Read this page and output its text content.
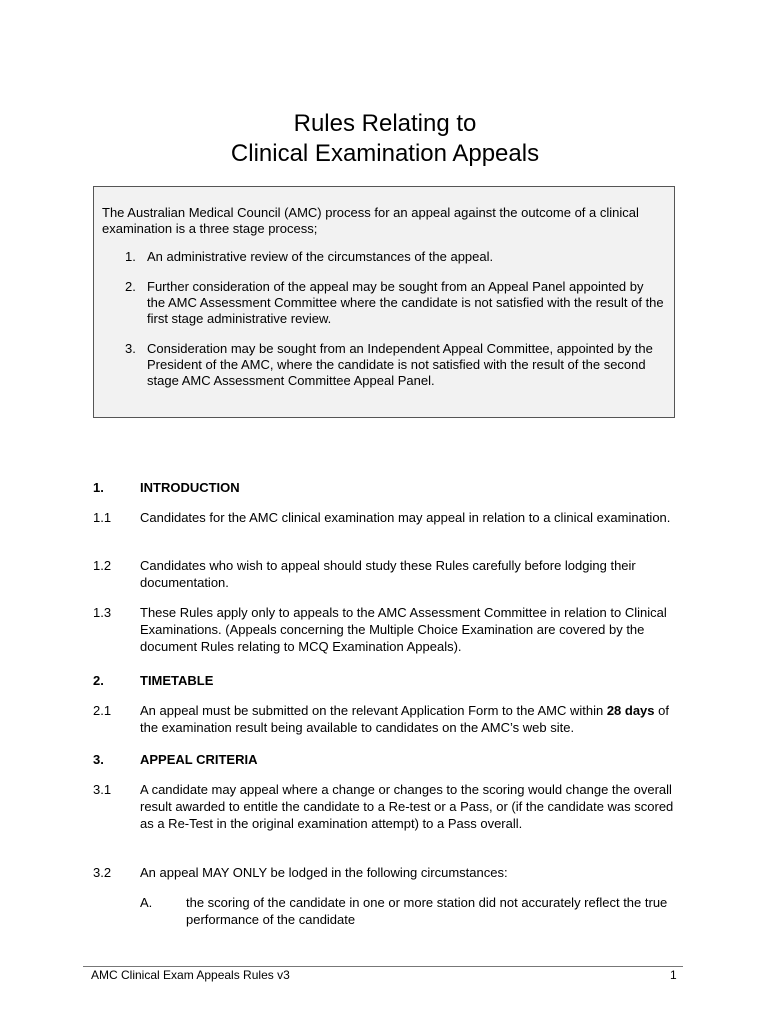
Rules Relating to
Clinical Examination Appeals
The Australian Medical Council (AMC) process for an appeal against the outcome of a clinical examination is a three stage process;
1. An administrative review of the circumstances of the appeal.
2. Further consideration of the appeal may be sought from an Appeal Panel appointed by the AMC Assessment Committee where the candidate is not satisfied with the result of the first stage administrative review.
3. Consideration may be sought from an Independent Appeal Committee, appointed by the President of the AMC, where the candidate is not satisfied with the result of the second stage AMC Assessment Committee Appeal Panel.
1.	INTRODUCTION
1.1 Candidates for the AMC clinical examination may appeal in relation to a clinical examination.
1.2 Candidates who wish to appeal should study these Rules carefully before lodging their documentation.
1.3 These Rules apply only to appeals to the AMC Assessment Committee in relation to Clinical Examinations. (Appeals concerning the Multiple Choice Examination are covered by the document Rules relating to MCQ Examination Appeals).
2.	TIMETABLE
2.1 An appeal must be submitted on the relevant Application Form to the AMC within 28 days of the examination result being available to candidates on the AMC’s web site.
3.	APPEAL CRITERIA
3.1 A candidate may appeal where a change or changes to the scoring would change the overall result awarded to entitle the candidate to a Re-test or a Pass, or (if the candidate was scored as a Re-Test in the original examination attempt) to a Pass overall.
3.2 An appeal MAY ONLY be lodged in the following circumstances:
A.	the scoring of the candidate in one or more station did not accurately reflect the true performance of the candidate
AMC Clinical Exam Appeals Rules v3	1
